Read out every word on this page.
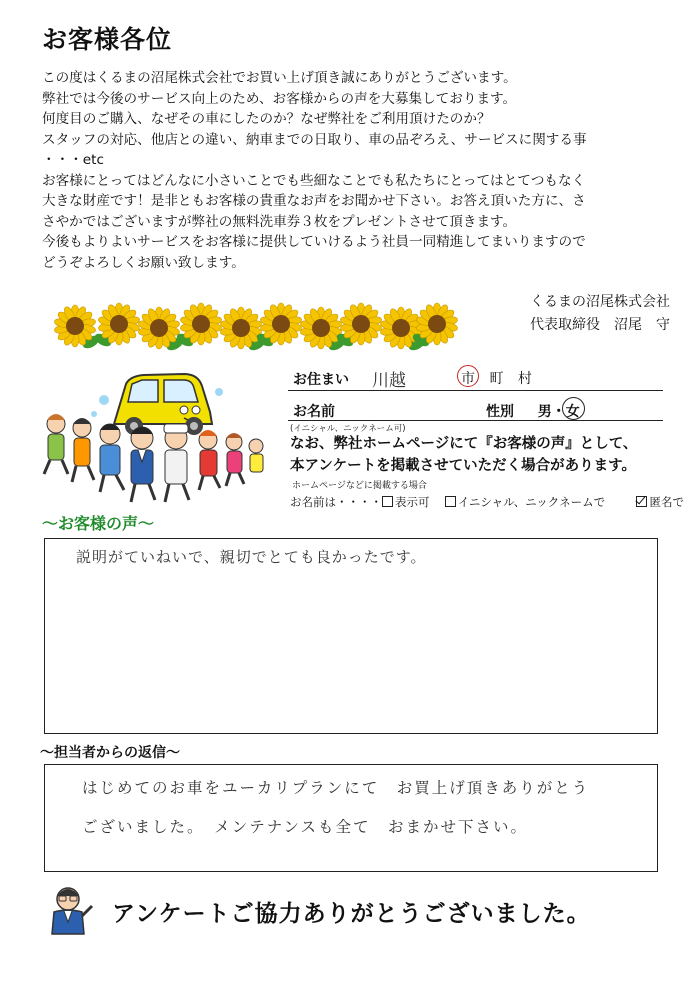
お客様各位
この度はくるまの沼尾株式会社でお買い上げ頂き誠にありがとうございます。
弊社では今後のサービス向上のため、お客様からの声を大募集しております。
何度目のご購入、なぜその車にしたのか？なぜ弊社をご利用頂けたのか？
スタッフの対応、他店との違い、納車までの日取り、車の品ぞろえ、サービスに関する事
・・・etc
お客様にとってはどんなに小さいことでも些細なことでも私たちにとってはとてつもなく
大きな財産です！是非ともお客様の貴重なお声をお聞かせ下さい。お答え頂いた方に、さ
さやかではございますが弊社の無料洗車券３枚をプレゼントさせて頂きます。
今後もよりよいサービスをお客様に提供していけるよう社員一同精進してまいりますので
どうぞよろしくお願い致します。
くるまの沼尾株式会社
代表取締役　沼尾　守
お住まい 川越	市 町 村
お名前	性別 男・女
(イニシャル、ニックネーム可)
なお、弊社ホームページにて『お客様の声』として、
本アンケートを掲載させていただく場合があります。
ホームページなどに掲載する場合
お名前は・・・・ 表示可 イニシャル、ニックネームで	匿名で
～お客様の声～
説明がていねいで、親切でとても良かったです。
～担当者からの返信～
はじめてのお車をユーカリプランにて　お買上げ頂きありがとう
ございました。　メンテナンスも全て　おまかせ下さい。
アンケートご協力ありがとうございました。
